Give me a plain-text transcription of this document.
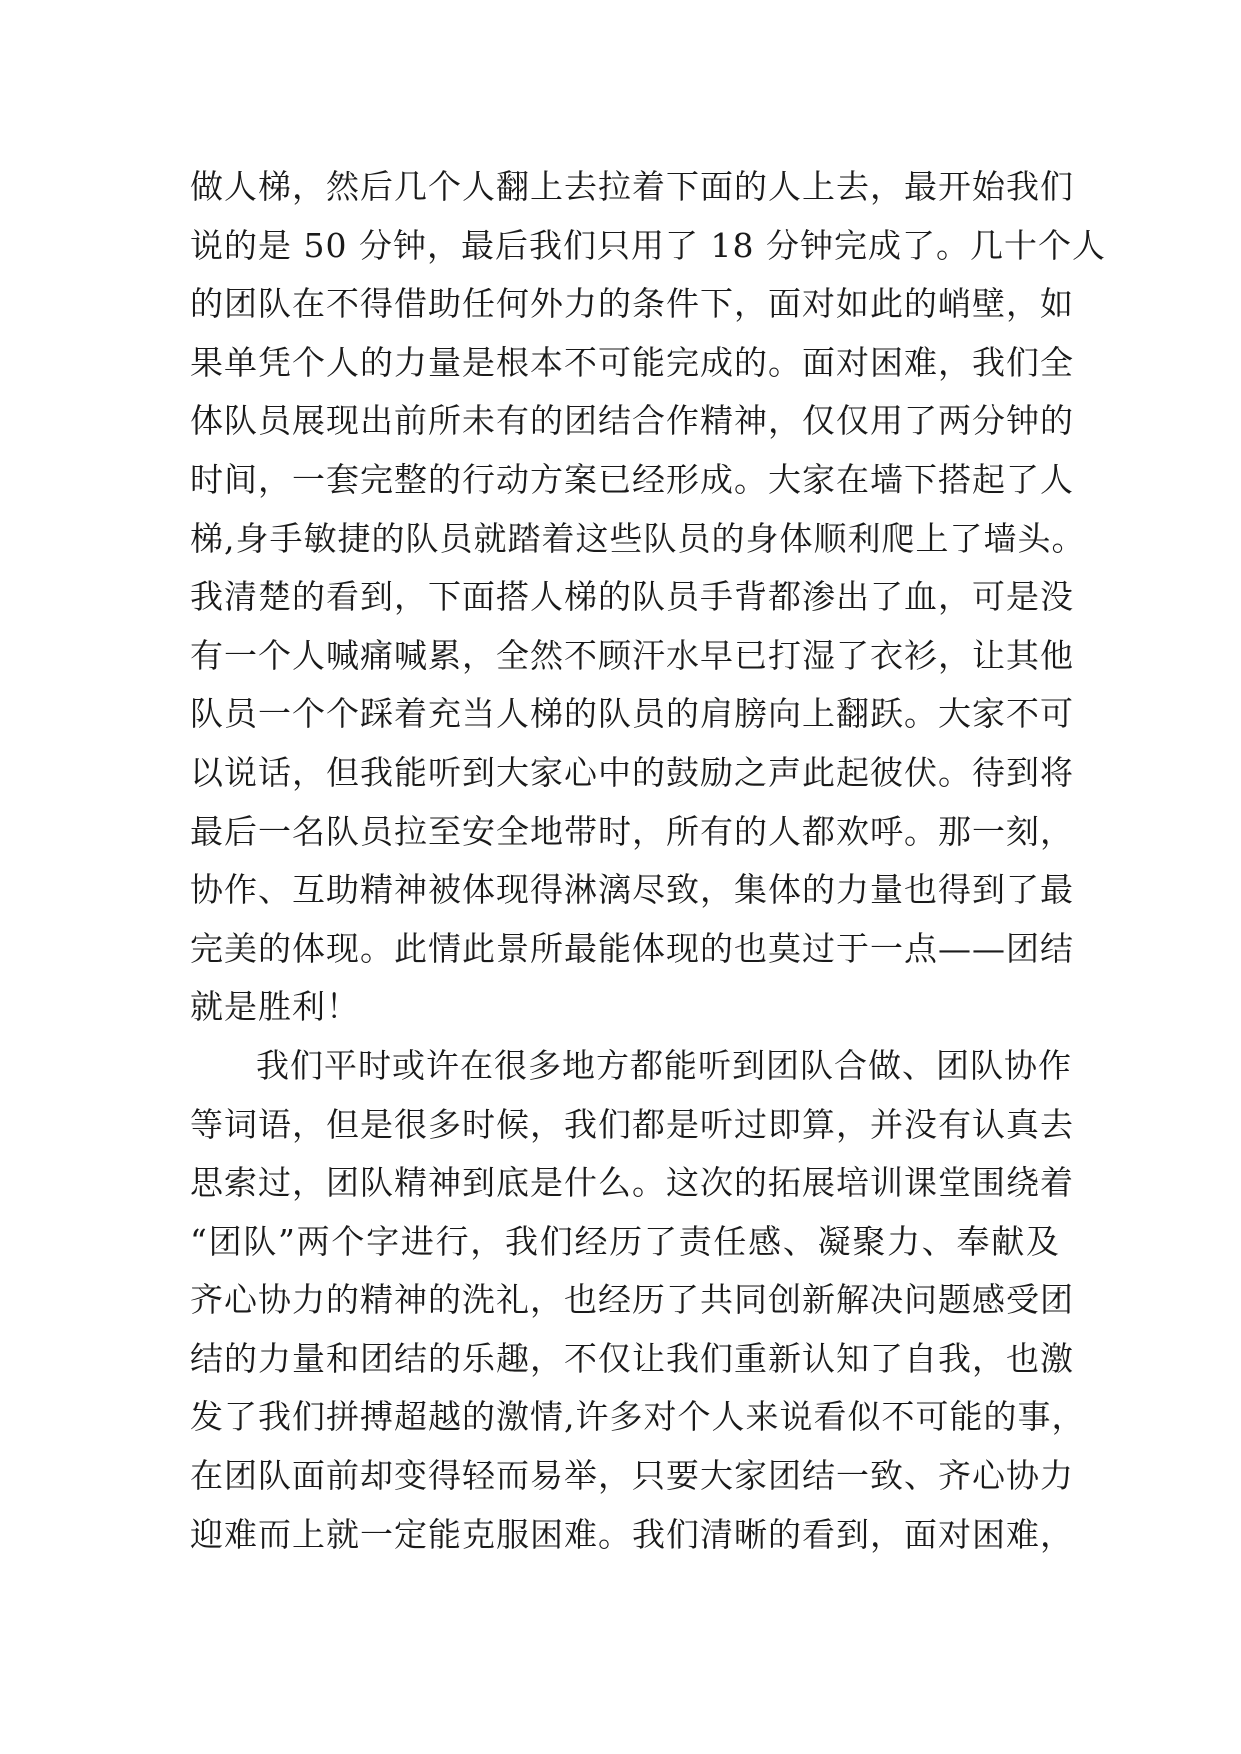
做人梯，然后几个人翻上去拉着下面的人上去，最开始我们
说的是 50 分钟，最后我们只用了 18 分钟完成了。几十个人
的团队在不得借助任何外力的条件下，面对如此的峭壁，如
果单凭个人的力量是根本不可能完成的。面对困难，我们全
体队员展现出前所未有的团结合作精神，仅仅用了两分钟的
时间，一套完整的行动方案已经形成。大家在墙下搭起了人
梯,身手敏捷的队员就踏着这些队员的身体顺利爬上了墙头。
我清楚的看到，下面搭人梯的队员手背都渗出了血，可是没
有一个人喊痛喊累，全然不顾汗水早已打湿了衣衫，让其他
队员一个个踩着充当人梯的队员的肩膀向上翻跃。大家不可
以说话，但我能听到大家心中的鼓励之声此起彼伏。待到将
最后一名队员拉至安全地带时，所有的人都欢呼。那一刻，
协作、互助精神被体现得淋漓尽致，集体的力量也得到了最
完美的体现。此情此景所最能体现的也莫过于一点——团结
就是胜利！
我们平时或许在很多地方都能听到团队合做、团队协作
等词语，但是很多时候，我们都是听过即算，并没有认真去
思索过，团队精神到底是什么。这次的拓展培训课堂围绕着
“团队”两个字进行，我们经历了责任感、凝聚力、奉献及
齐心协力的精神的洗礼，也经历了共同创新解决问题感受团
结的力量和团结的乐趣，不仅让我们重新认知了自我，也激
发了我们拼搏超越的激情,许多对个人来说看似不可能的事，
在团队面前却变得轻而易举，只要大家团结一致、齐心协力
迎难而上就一定能克服困难。我们清晰的看到，面对困难，
